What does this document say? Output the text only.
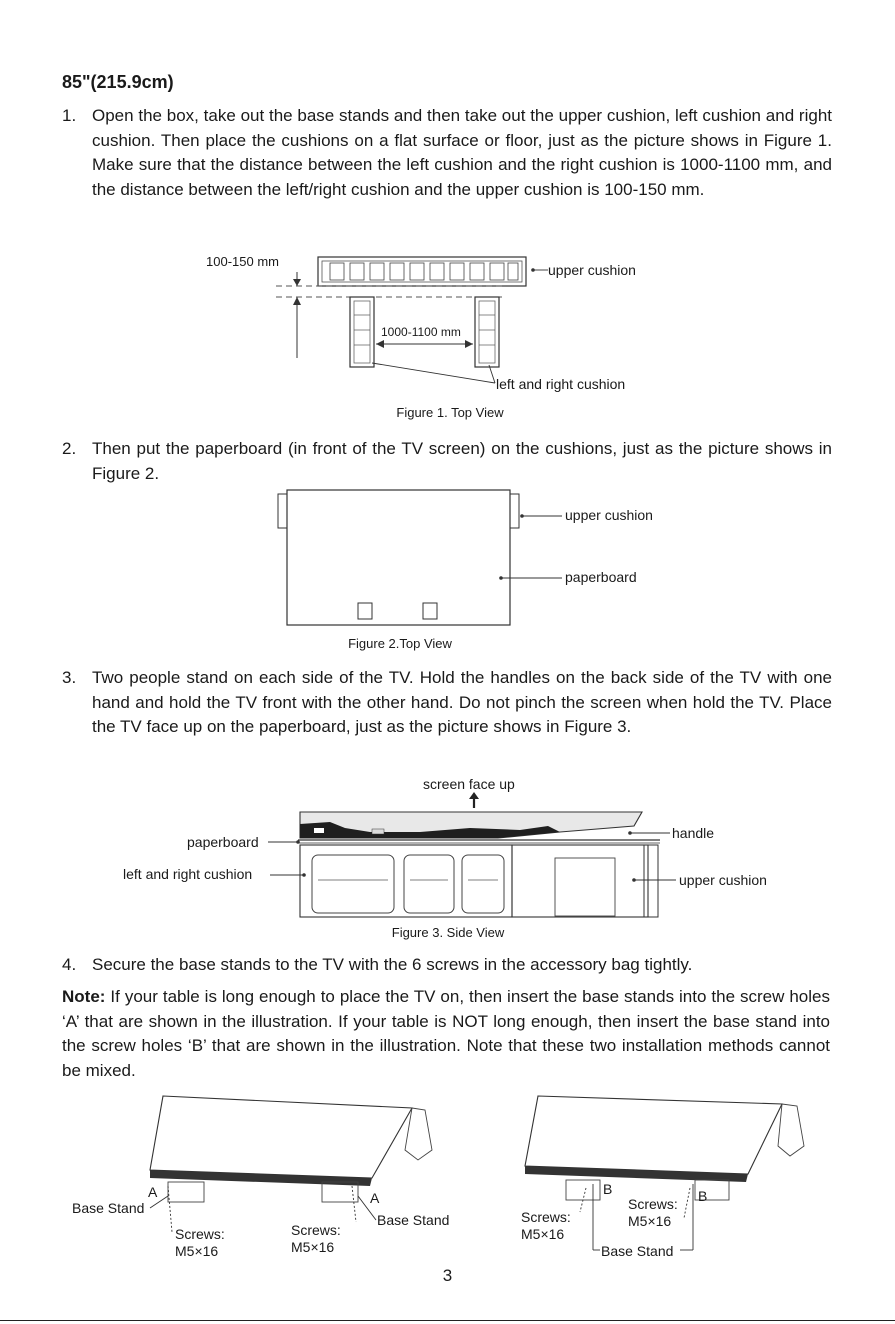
85"(215.9cm)
1. Open the box, take out the base stands and then take out the upper cushion, left cushion and right cushion. Then place the cushions on a flat surface or floor, just as the picture shows in Figure 1. Make sure that the distance between the left cushion and the right cushion is 1000-1100 mm, and the distance between the left/right cushion and the upper cushion is 100-150 mm.
100-150 mm
1000-1100 mm
upper cushion
left and right cushion
Figure 1. Top View
2. Then put the paperboard (in front of the TV screen) on the cushions, just as the picture shows in Figure 2.
upper cushion
paperboard
Figure 2.Top View
3. Two people stand on each side of the TV. Hold the handles on the back side of the TV with one hand and hold the TV front with the other hand. Do not pinch the screen when hold the TV. Place the TV face up on the paperboard, just as the picture shows in Figure 3.
screen face up
paperboard
left and right cushion
handle
upper cushion
Figure 3. Side View
4. Secure the base stands to the TV with the 6 screws in the accessory bag tightly.
Note: If your table is long enough to place the TV on, then insert the base stands into the screw holes ‘A’ that are shown in the illustration. If your table is NOT long enough, then insert the base stand into the screw holes ‘B’ that are shown in the illustration. Note that these two installation methods cannot be mixed.
A	A
Base Stand
Base Stand
Screws:
M5×16
Screws:
M5×16
B	B
Screws:
M5×16
Screws:
M5×16
Base Stand
3
